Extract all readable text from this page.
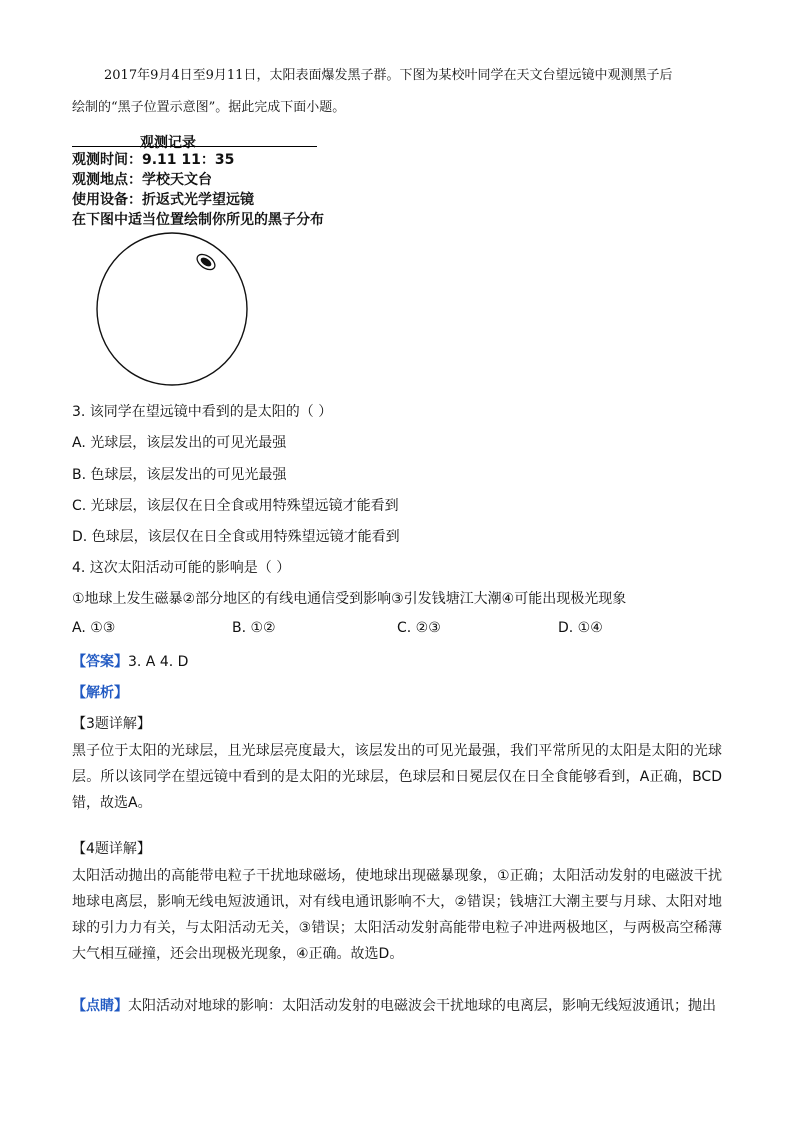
2017年9月4日至9月11日，太阳表面爆发黑子群。下图为某校叶同学在天文台望远镜中观测黑子后
绘制的“黑子位置示意图”。据此完成下面小题。
观测记录
观测时间：9.11 11：35
观测地点：学校天文台
使用设备：折返式光学望远镜
在下图中适当位置绘制你所见的黑子分布
3. 该同学在望远镜中看到的是太阳的（ ）
A. 光球层，该层发出的可见光最强
B. 色球层，该层发出的可见光最强
C. 光球层，该层仅在日全食或用特殊望远镜才能看到
D. 色球层，该层仅在日全食或用特殊望远镜才能看到
4. 这次太阳活动可能的影响是（ ）
①地球上发生磁暴②部分地区的有线电通信受到影响③引发钱塘江大潮④可能出现极光现象
A. ①③	B. ①②	C. ②③	D. ①④
【答案】3. A 4. D
【解析】
【3题详解】
黑子位于太阳的光球层，且光球层亮度最大，该层发出的可见光最强，我们平常所见的太阳是太阳的光球层。所以该同学在望远镜中看到的是太阳的光球层，色球层和日冕层仅在日全食能够看到，A正确，BCD错，故选A。
【4题详解】
太阳活动抛出的高能带电粒子干扰地球磁场，使地球出现磁暴现象，①正确；太阳活动发射的电磁波干扰地球电离层，影响无线电短波通讯，对有线电通讯影响不大，②错误；钱塘江大潮主要与月球、太阳对地球的引力力有关，与太阳活动无关，③错误；太阳活动发射高能带电粒子冲进两极地区，与两极高空稀薄大气相互碰撞，还会出现极光现象，④正确。故选D。
【点睛】太阳活动对地球的影响：太阳活动发射的电磁波会干扰地球的电离层，影响无线短波通讯；抛出
